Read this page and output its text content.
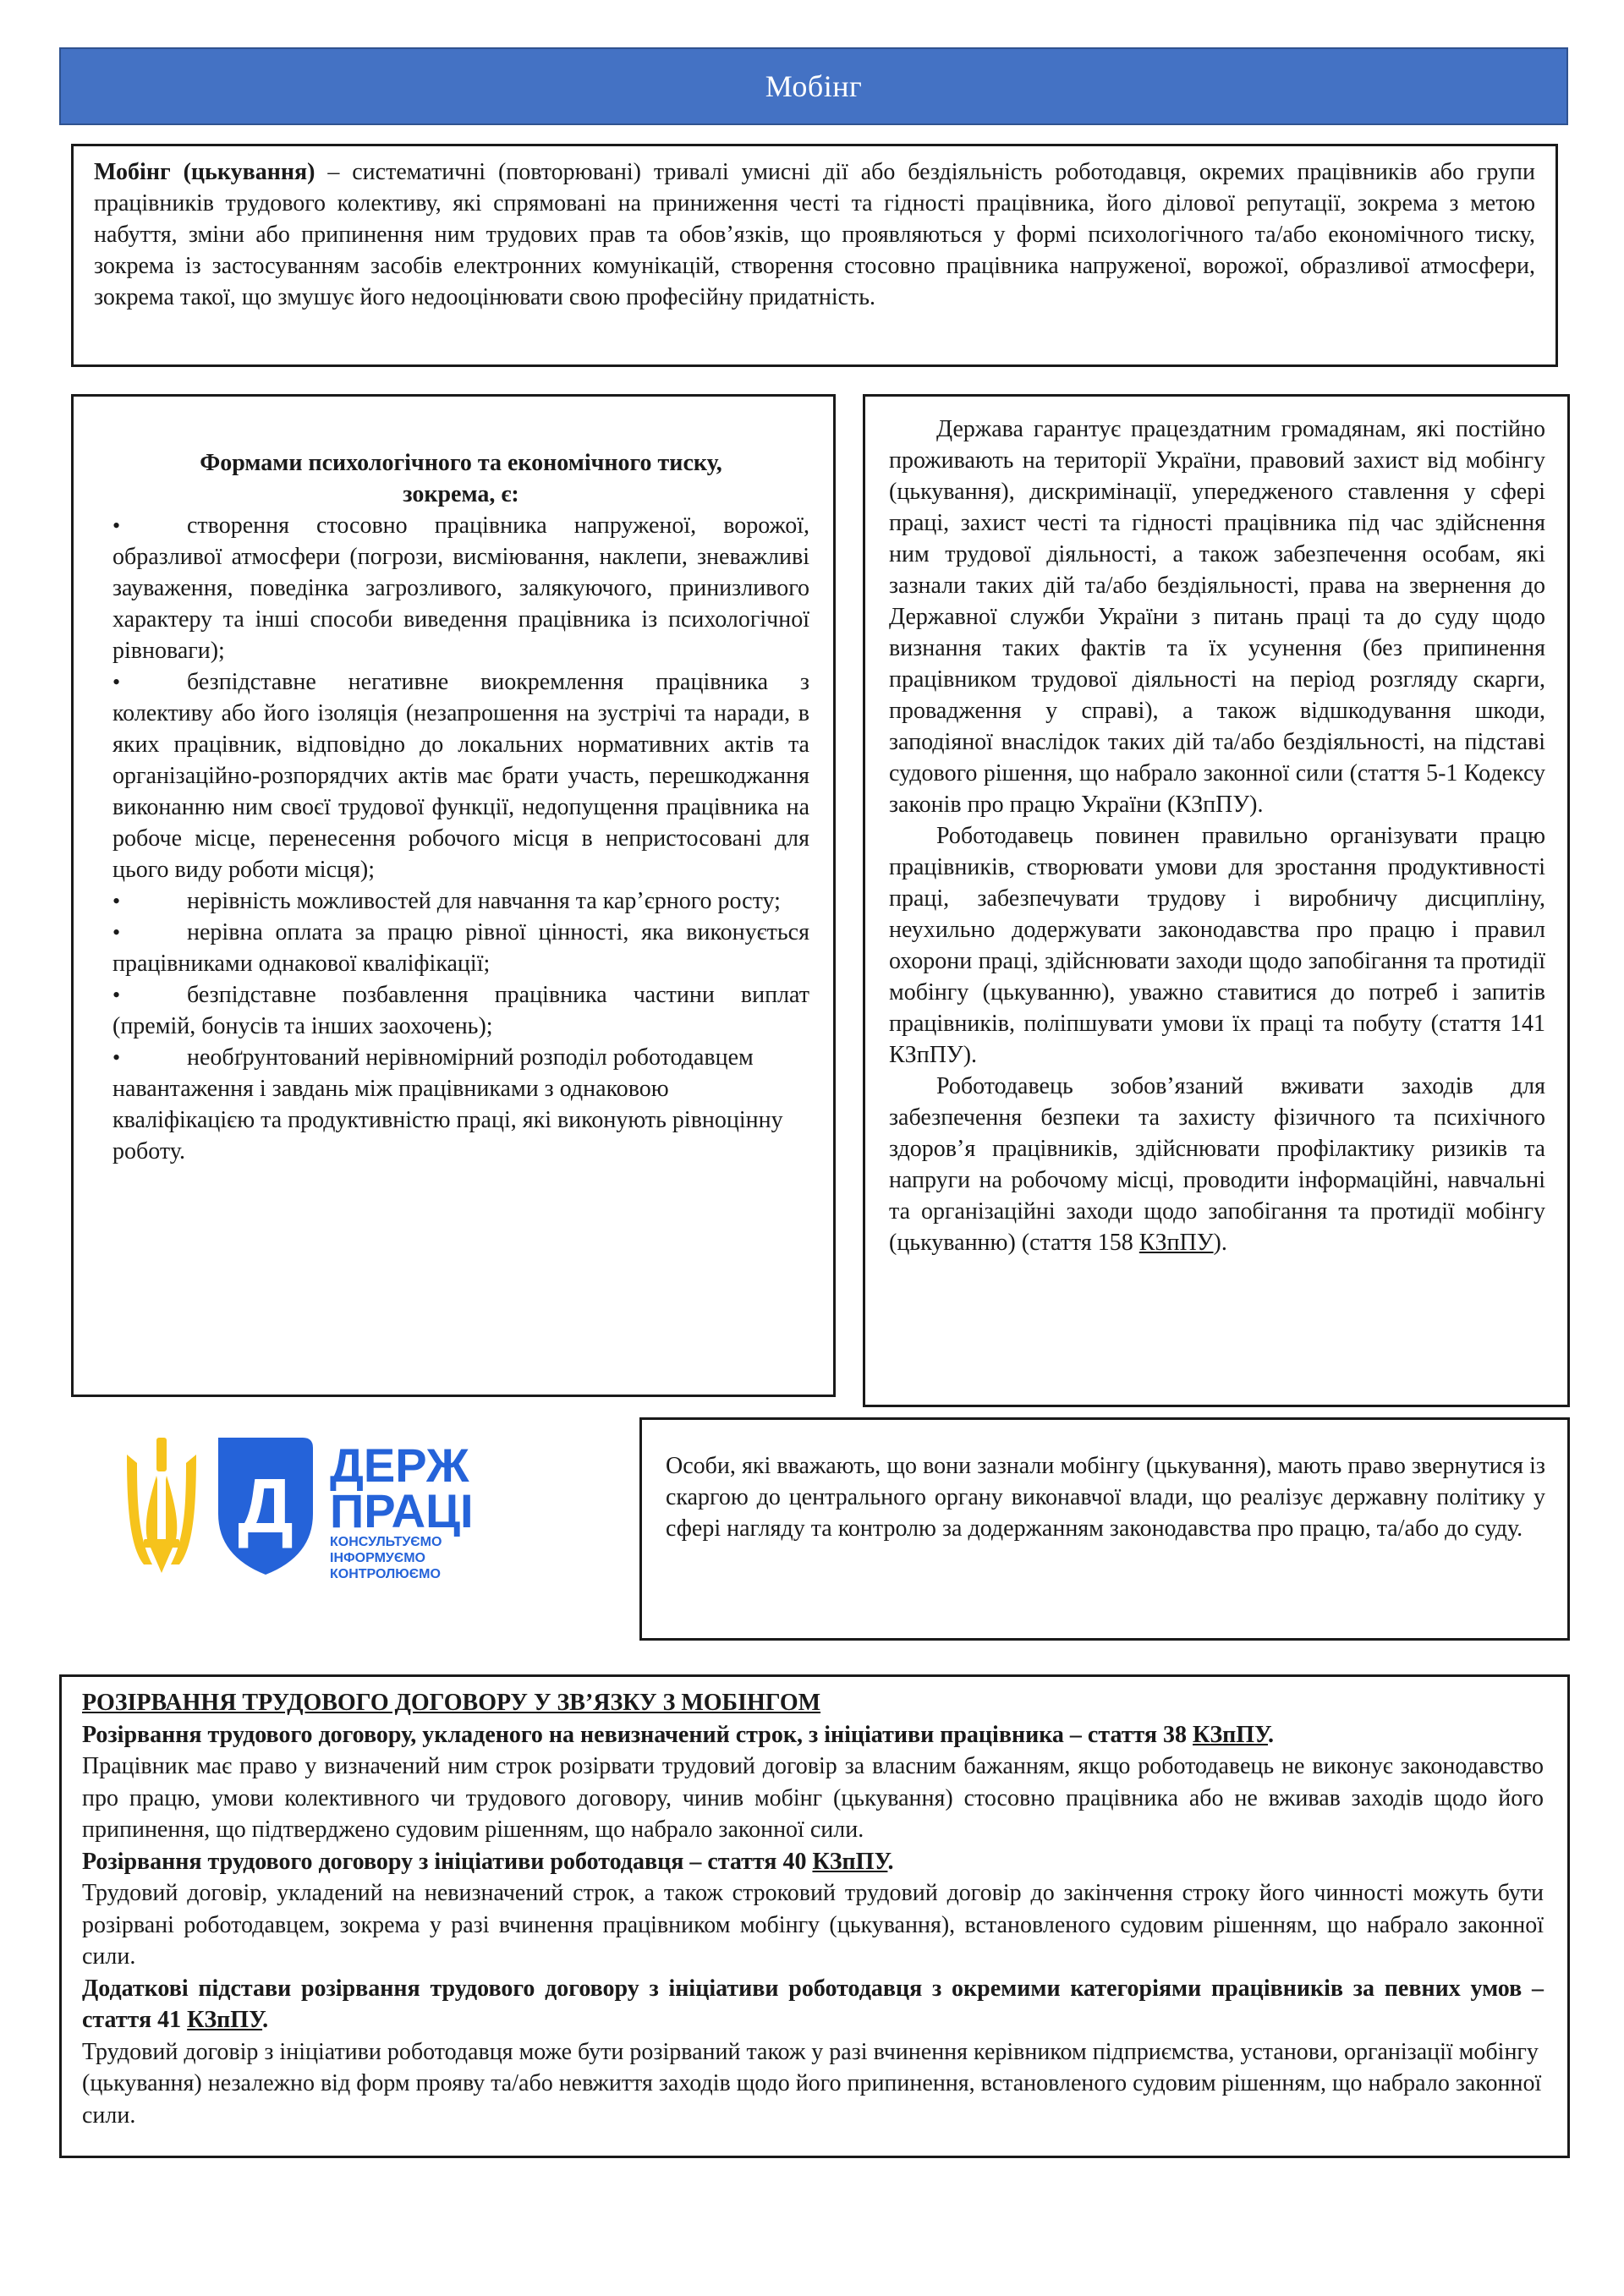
Мобінг

Мобінг (цькування) – систематичні (повторювані) тривалі умисні дії або бездіяльність роботодавця, окремих працівників або групи працівників трудового колективу, які спрямовані на приниження честі та гідності працівника, його ділової репутації, зокрема з метою набуття, зміни або припинення ним трудових прав та обов’язків, що проявляються у формі психологічного та/або економічного тиску, зокрема із застосуванням засобів електронних комунікацій, створення стосовно працівника напруженої, ворожої, образливої атмосфери, зокрема такої, що змушує його недооцінювати свою професійну придатність.

Формами психологічного та економічного тиску,
зокрема, є:

•	створення стосовно працівника напруженої, ворожої, образливої атмосфери (погрози, висміювання, наклепи, зневажливі зауваження, поведінка загрозливого, залякуючого, принизливого характеру та інші способи виведення працівника із психологічної рівноваги);
•	безпідставне негативне виокремлення працівника з колективу або його ізоляція (незапрошення на зустрічі та наради, в яких працівник, відповідно до локальних нормативних актів та організаційно-розпорядчих актів має брати участь, перешкоджання виконанню ним своєї трудової функції, недопущення працівника на робоче місце, перенесення робочого місця в непристосовані для цього виду роботи місця);
•	нерівність можливостей для навчання та кар’єрного росту;
•	нерівна оплата за працю рівної цінності, яка виконується працівниками однакової кваліфікації;
•	безпідставне позбавлення працівника частини виплат (премій, бонусів та інших заохочень);
•	необґрунтований нерівномірний розподіл роботодавцем навантаження і завдань між працівниками з однаковою кваліфікацією та продуктивністю праці, які виконують рівноцінну роботу.

Держава гарантує працездатним громадянам, які постійно проживають на території України, правовий захист від мобінгу (цькування), дискримінації, упередженого ставлення у сфері праці, захист честі та гідності працівника під час здійснення ним трудової діяльності, а також забезпечення особам, які зазнали таких дій та/або бездіяльності, права на звернення до Державної служби України з питань праці та до суду щодо визнання таких фактів та їх усунення (без припинення працівником трудової діяльності на період розгляду скарги, провадження у справі), а також відшкодування шкоди, заподіяної внаслідок таких дій та/або бездіяльності, на підставі судового рішення, що набрало законної сили (стаття 5-1 Кодексу законів про працю України (КЗпПУ).

Роботодавець повинен правильно організувати працю працівників, створювати умови для зростання продуктивності праці, забезпечувати трудову і виробничу дисципліну, неухильно додержувати законодавства про працю і правил охорони праці, здійснювати заходи щодо запобігання та протидії мобінгу (цькуванню), уважно ставитися до потреб і запитів працівників, поліпшувати умови їх праці та побуту (стаття 141 КЗпПУ).

Роботодавець зобов’язаний вживати заходів для забезпечення безпеки та захисту фізичного та психічного здоров’я працівників, здійснювати профілактику ризиків та напруги на робочому місці, проводити інформаційні, навчальні та організаційні заходи щодо запобігання та протидії мобінгу (цькуванню) (стаття 158 КЗпПУ).

Д ДЕРЖ
ПРАЦІ
КОНСУЛЬТУЄМО
ІНФОРМУЄМО
КОНТРОЛЮЄМО

Особи, які вважають, що вони зазнали мобінгу (цькування), мають право звернутися із скаргою до центрального органу виконавчої влади, що реалізує державну політику у сфері нагляду та контролю за додержанням законодавства про працю, та/або до суду.

РОЗІРВАННЯ ТРУДОВОГО ДОГОВОРУ У ЗВ’ЯЗКУ З МОБІНГОМ

Розірвання трудового договору, укладеного на невизначений строк, з ініціативи працівника – стаття 38 КЗпПУ.

Працівник має право у визначений ним строк розірвати трудовий договір за власним бажанням, якщо роботодавець не виконує законодавство про працю, умови колективного чи трудового договору, чинив мобінг (цькування) стосовно працівника або не вживав заходів щодо його припинення, що підтверджено судовим рішенням, що набрало законної сили.

Розірвання трудового договору з ініціативи роботодавця – стаття 40 КЗпПУ.

Трудовий договір, укладений на невизначений строк, а також строковий трудовий договір до закінчення строку його чинності можуть бути розірвані роботодавцем, зокрема у разі вчинення працівником мобінгу (цькування), встановленого судовим рішенням, що набрало законної сили.

Додаткові підстави розірвання трудового договору з ініціативи роботодавця з окремими категоріями працівників за певних умов – стаття 41 КЗпПУ.

Трудовий договір з ініціативи роботодавця може бути розірваний також у разі вчинення керівником підприємства, установи, організації мобінгу (цькування) незалежно від форм прояву та/або невжиття заходів щодо його припинення, встановленого судовим рішенням, що набрало законної сили.
